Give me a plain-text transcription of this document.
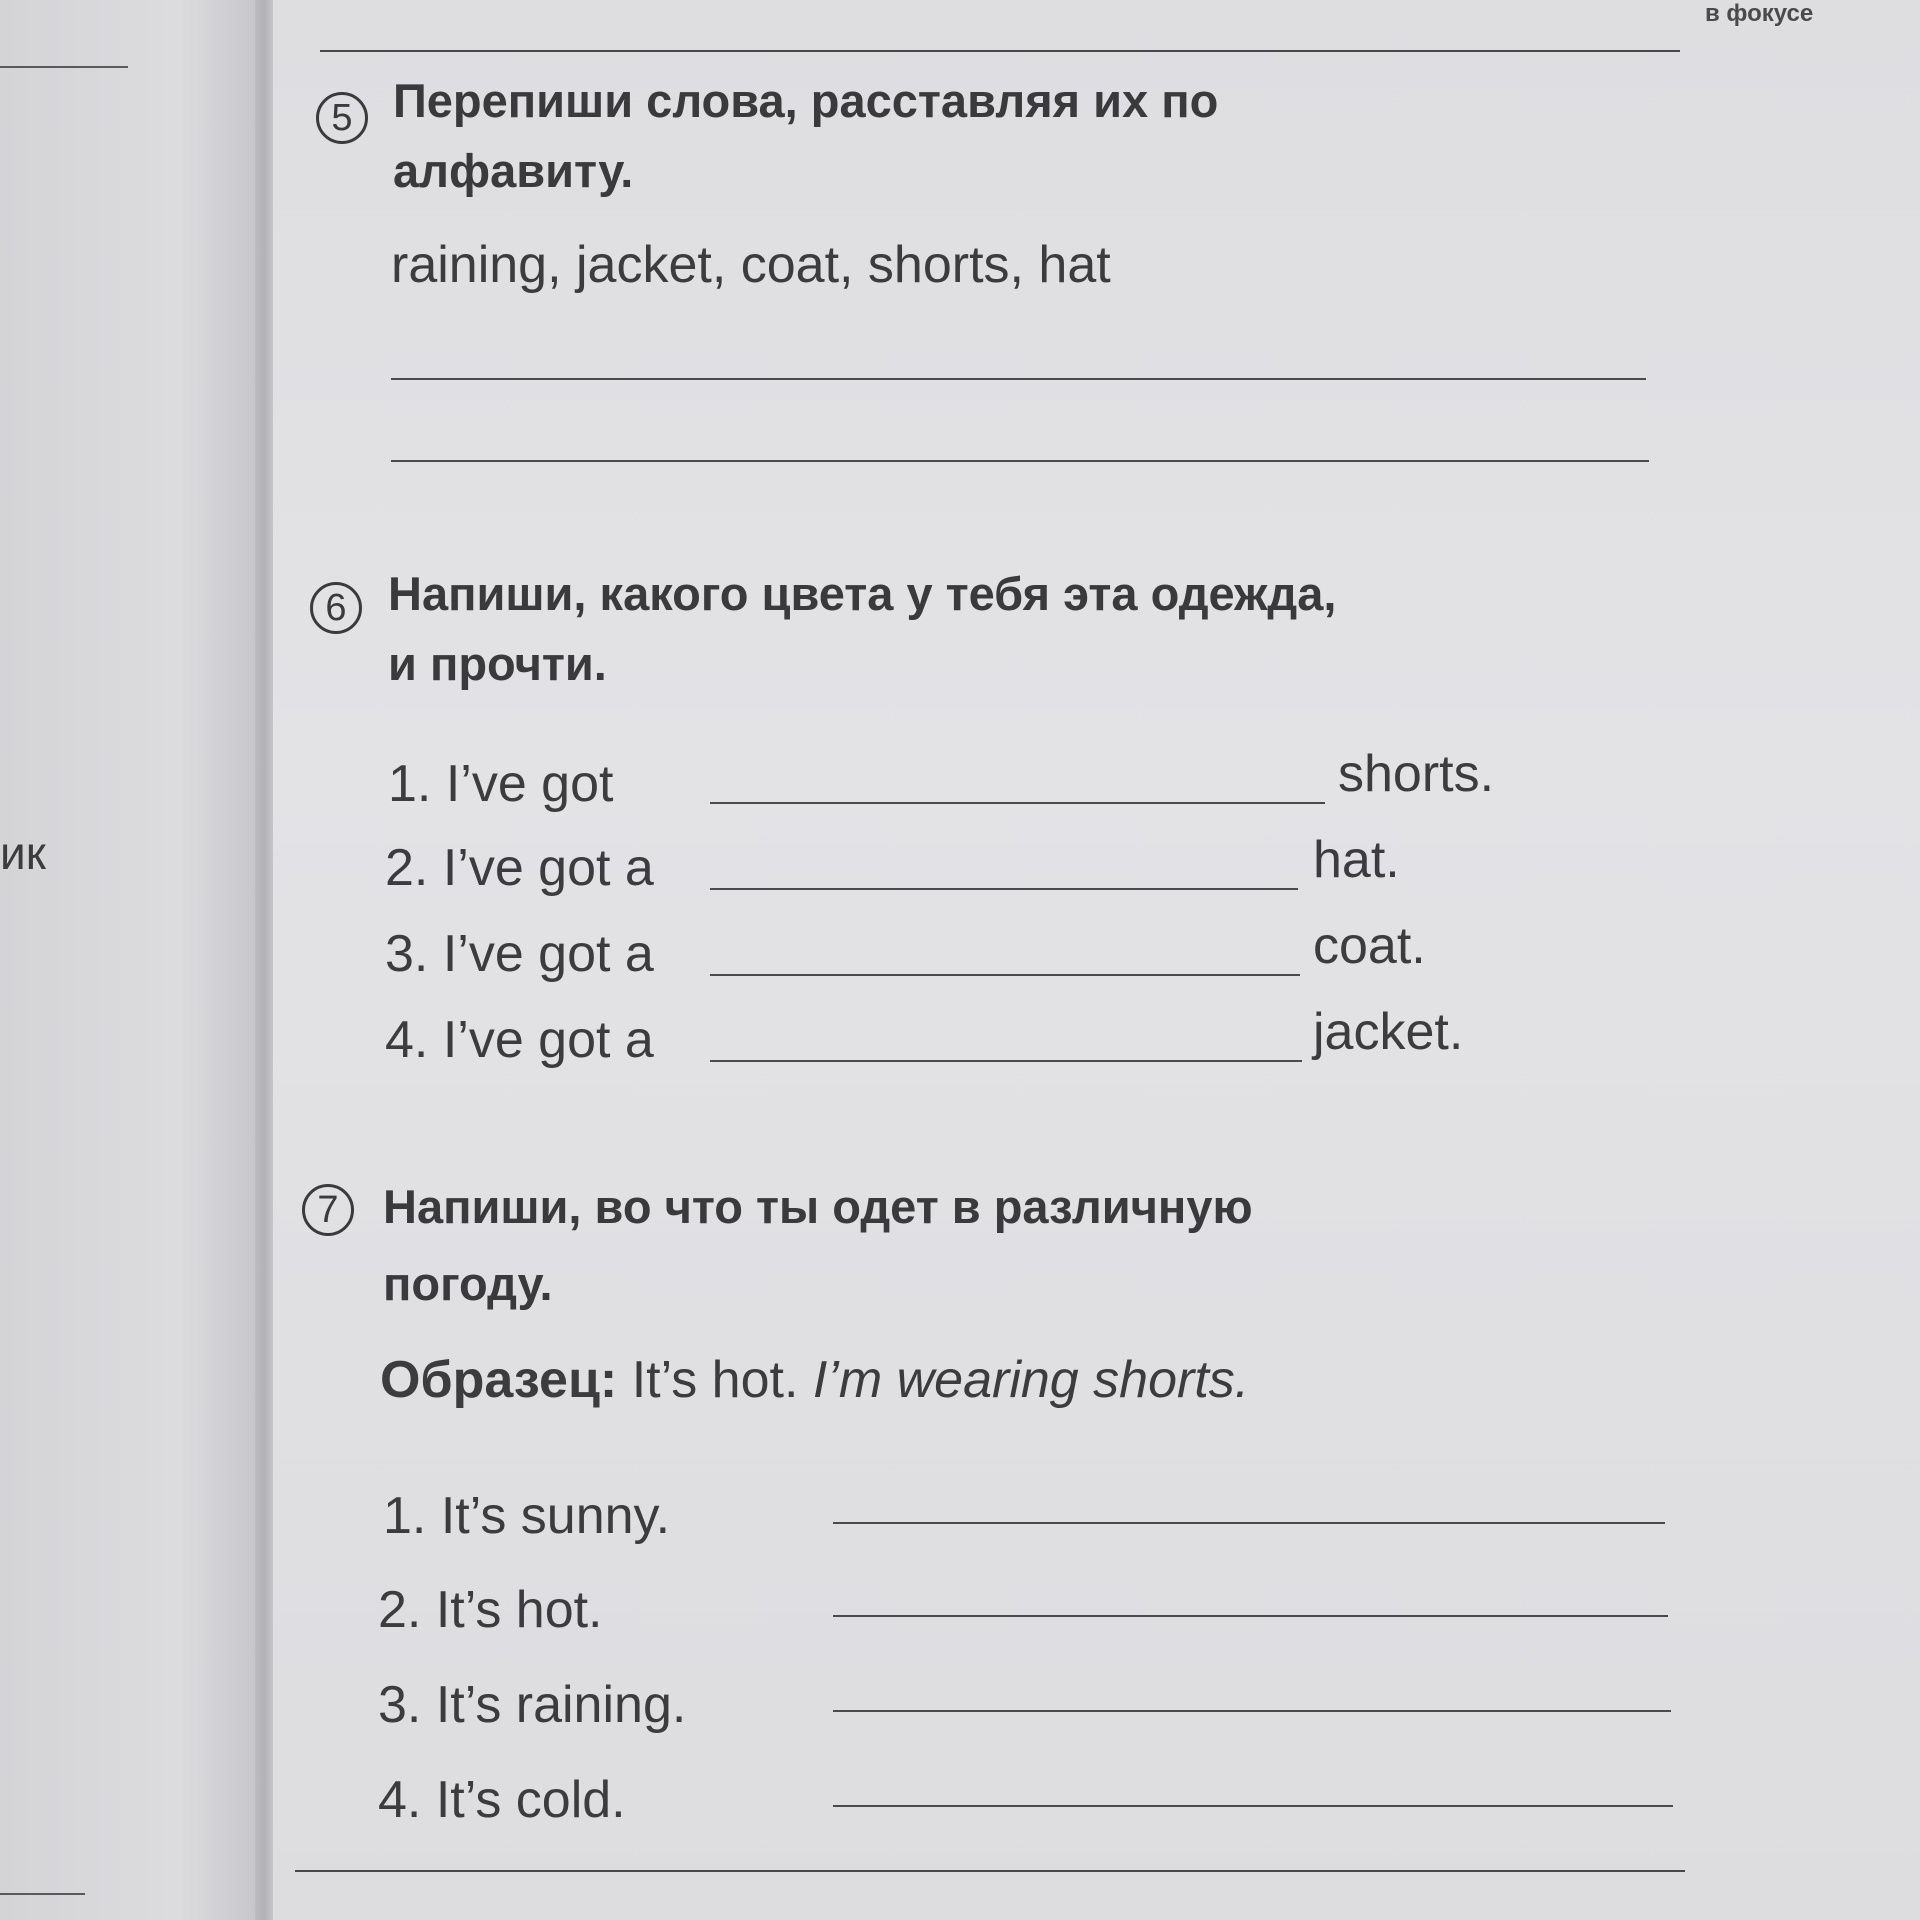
ик
в фокусе
5 Перепиши слова, расставляя их по
алфавиту.
raining, jacket, coat, shorts, hat
6 Напиши, какого цвета у тебя эта одежда,
и прочти.
1. I’ve got	shorts.
2. I’ve got a	hat.
3. I’ve got a	coat.
4. I’ve got a	jacket.
7 Напиши, во что ты одет в различную
погоду.
Образец: It’s hot. I’m wearing shorts.
1. It’s sunny.
2. It’s hot.
3. It’s raining.
4. It’s cold.
